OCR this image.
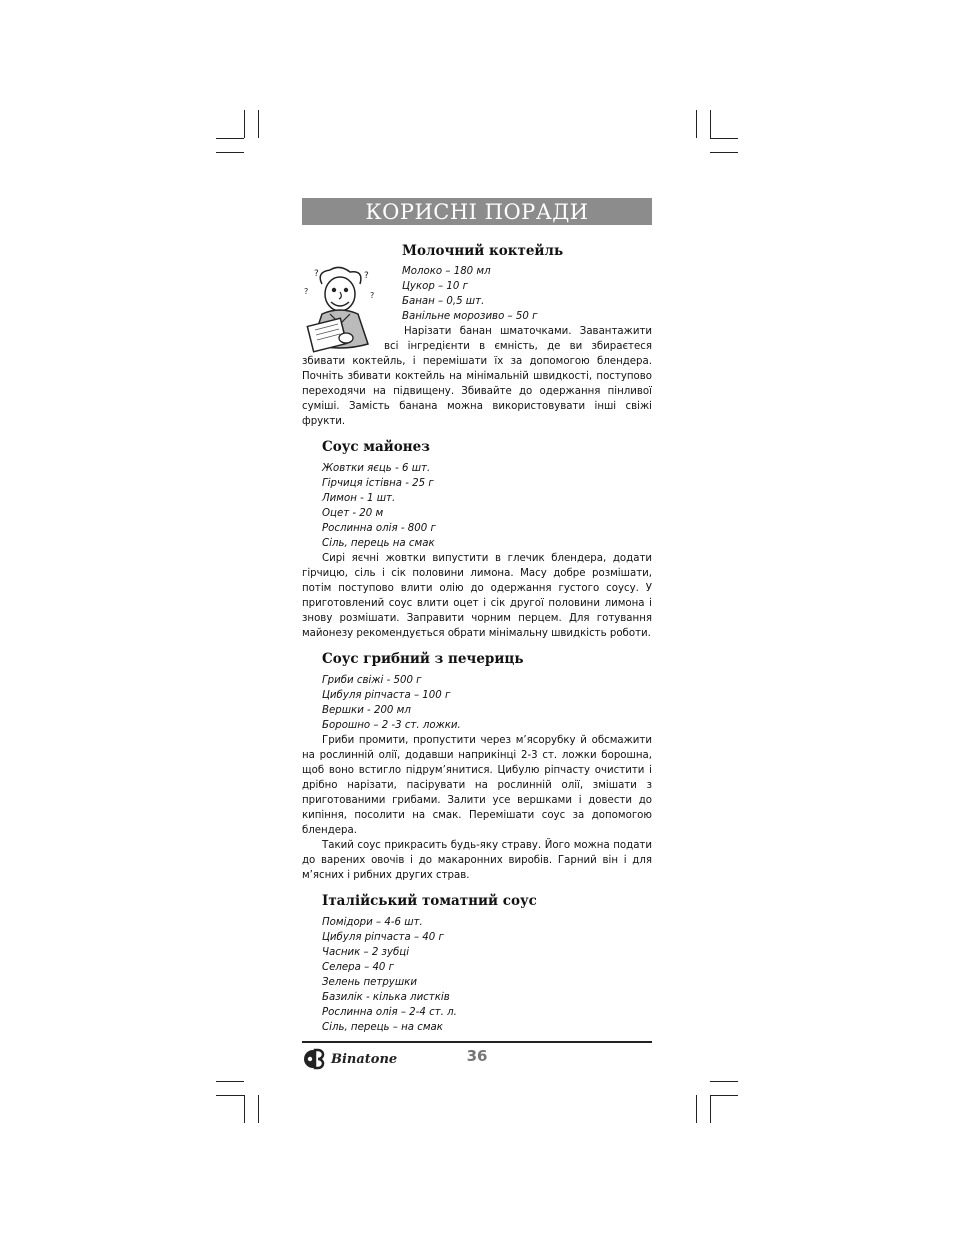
КОРИСНІ ПОРАДИ
Молочний коктейль
?	?
?	?

Молоко – 180 мл

Цукор – 10 г

Банан – 0,5 шт.

Ванільне морозиво – 50 г

Нарізати банан шматочками. Завантажити всі інгредієнти в ємність, де ви збираєтеся збивати коктейль, і перемішати їх за допомогою блендера. Почніть збивати коктейль на мінімальній швидкості, поступово переходячи на підвищену. Збивайте до одержання пінливої суміші. Замість банана можна використовувати інші свіжі фрукти.

Соус майонез

Жовтки яєць - 6 шт.

Гірчиця істівна - 25 г

Лимон - 1 шт.

Оцет - 20 м

Рослинна олія - 800 г

Сіль, перець на смак

Сирі яєчні жовтки випустити в глечик блендера, додати гірчицю, сіль і сік половини лимона. Масу добре розмішати, потім поступово влити олію до одержання густого соусу. У приготовлений соус влити оцет і сік другої половини лимона і знову розмішати. Заправити чорним перцем. Для готування майонезу рекомендується обрати мінімальну швидкість роботи.

Соус грибний з печериць

Гриби свіжі - 500 г

Цибуля ріпчаста – 100 г

Вершки - 200 мл

Борошно – 2 -3 ст. ложки.

Гриби промити, пропустити через м’ясорубку й обсмажити на рослинній олії, додавши наприкінці 2-3 ст. ложки борошна, щоб воно встигло підрум’янитися. Цибулю ріпчасту очистити і дрібно нарізати, пасірувати на рослинній олії, змішати з приготованими грибами. Залити усе вершками і довести до кипіння, посолити на смак. Перемішати соус за допомогою блендера.

Такий соус прикрасить будь-яку страву. Його можна подати до варених овочів і до макаронних виробів. Гарний він і для м’ясних і рибних других страв.

Італійський томатний соус

Помідори – 4-6 шт.

Цибуля ріпчаста – 40 г

Часник – 2 зубці

Селера – 40 г

Зелень петрушки

Базилік - кілька листків

Рослинна олія – 2-4 ст. л.

Сіль, перець – на смак

Binatone	36
